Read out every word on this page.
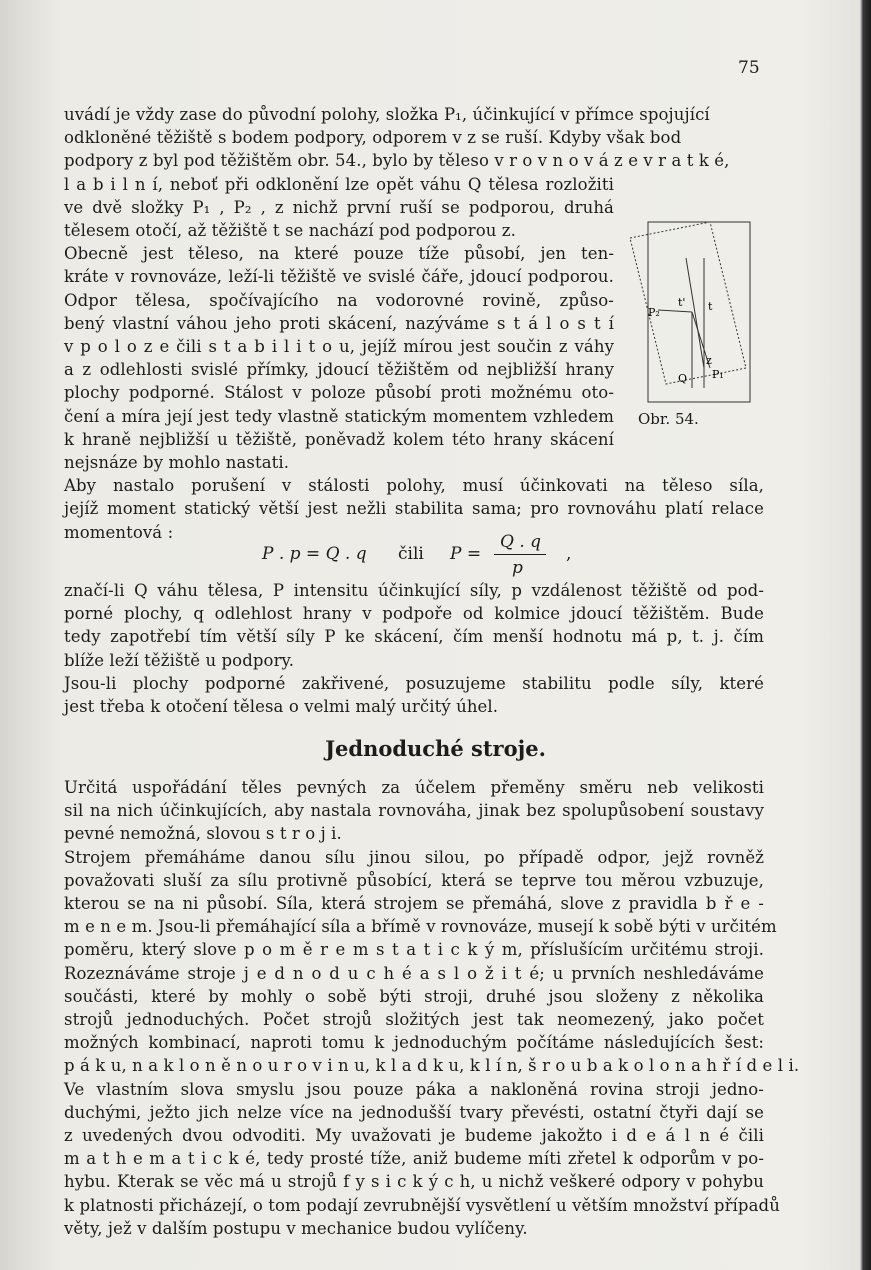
75
uvádí je vždy zase do původní polohy, složka P₁, účinkující v přímce spojující
odkloněné těžiště s bodem podpory, odporem v z se ruší. Kdyby však bod
podpory z byl pod těžištěm obr. 54., bylo by těleso v r o v n o v á z e v r a t k é,
l a b i l n í, neboť při odklonění lze opět váhu Q tělesa rozložiti
ve dvě složky P₁ , P₂ , z nichž první ruší se podporou, druhá
tělesem otočí, až těžiště t se nachází pod podporou z.
Obecně jest těleso, na které pouze tíže působí, jen ten-
kráte v rovnováze, leží-li těžiště ve svislé čáře, jdoucí podporou.
Odpor tělesa, spočívajícího na vodorovné rovině, způso-
bený vlastní váhou jeho proti skácení, nazýváme s t á l o s t í
v p o l o z e čili s t a b i l i t o u, jejíž mírou jest součin z váhy
a z odlehlosti svislé přímky, jdoucí těžištěm od nejbližší hrany
plochy podporné. Stálost v poloze působí proti možnému oto-
čení a míra její jest tedy vlastně statickým momentem vzhledem
k hraně nejbližší u těžiště, poněvadž kolem této hrany skácení
nejsnáze by mohlo nastati.
Aby nastalo porušení v stálosti polohy, musí účinkovati na těleso síla,
jejíž moment statický větší jest nežli stabilita sama; pro rovnováhu platí relace
momentová :
P . p = Q . q čili P =
Q . q
p
,
značí-li Q váhu tělesa, P intensitu účinkující síly, p vzdálenost těžiště od pod-
porné plochy, q odlehlost hrany v podpoře od kolmice jdoucí těžištěm. Bude
tedy zapotřebí tím větší síly P ke skácení, čím menší hodnotu má p, t. j. čím
blíže leží těžiště u podpory.
Jsou-li plochy podporné zakřivené, posuzujeme stabilitu podle síly, které
jest třeba k otočení tělesa o velmi malý určitý úhel.
Jednoduché stroje.
Určitá uspořádání těles pevných za účelem přeměny směru neb velikosti
sil na nich účinkujících, aby nastala rovnováha, jinak bez spolupůsobení soustavy
pevné nemožná, slovou s t r o j i.
Strojem přemáháme danou sílu jinou silou, po případě odpor, jejž rovněž
považovati sluší za sílu protivně působící, která se teprve tou měrou vzbuzuje,
kterou se na ni působí. Síla, která strojem se přemáhá, slove z pravidla b ř e -
m e n e m. Jsou-li přemáhající síla a břímě v rovnováze, musejí k sobě býti v určitém
poměru, který slove p o m ě r e m s t a t i c k ý m, příslušícím určitému stroji.
Rozeznáváme stroje j e d n o d u c h é a s l o ž i t é; u prvních neshledáváme
součásti, které by mohly o sobě býti stroji, druhé jsou složeny z několika
strojů jednoduchých. Počet strojů složitých jest tak neomezený, jako počet
možných kombinací, naproti tomu k jednoduchým počítáme následujících šest:
p á k u, n a k l o n ě n o u r o v i n u, k l a d k u, k l í n, š r o u b a k o l o n a h ř í d e l i.
Ve vlastním slova smyslu jsou pouze páka a nakloněná rovina stroji jedno-
duchými, ježto jich nelze více na jednodušší tvary převésti, ostatní čtyři dají se
z uvedených dvou odvoditi. My uvažovati je budeme jakožto i d e á l n é čili
m a t h e m a t i c k é, tedy prosté tíže, aniž budeme míti zřetel k odporům v po-
hybu. Kterak se věc má u strojů f y s i c k ý c h, u nichž veškeré odpory v pohybu
k platnosti přicházejí, o tom podají zevrubnější vysvětlení u větším množství případů
věty, jež v dalším postupu v mechanice budou vylíčeny.
t' t
P₂
z
Q P₁
Obr. 54.
